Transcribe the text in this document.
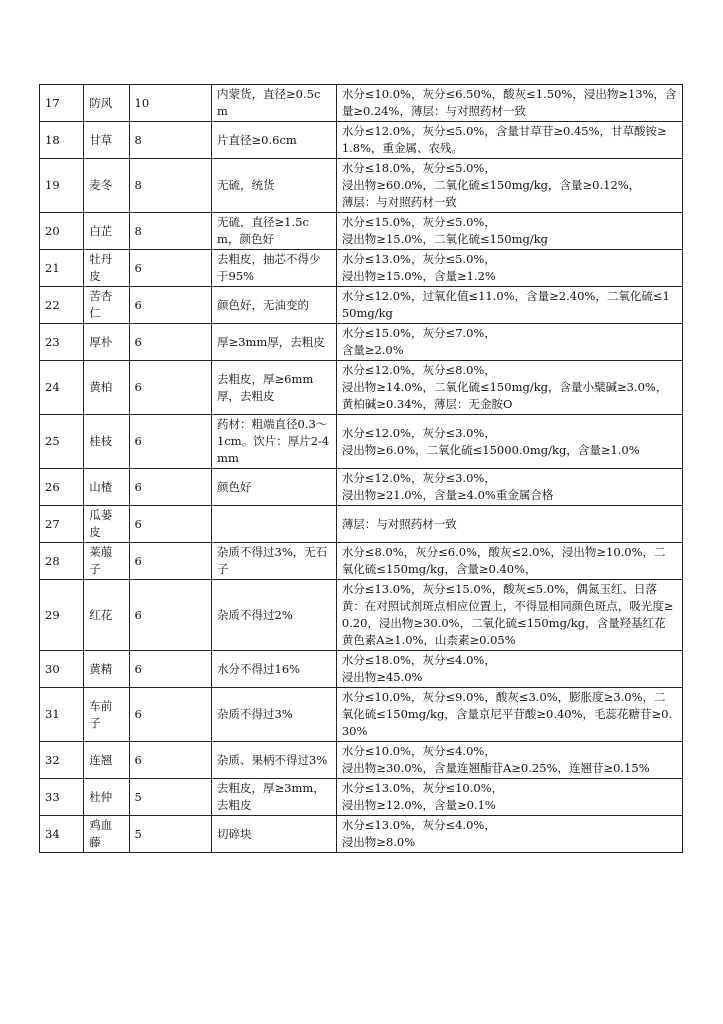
17	防风	10	内蒙货，直径≥0.5cm	水分≤10.0%，灰分≤6.50%，酸灰≤1.50%，浸出物≥13%，含量≥0.24%，薄层：与对照药材一致

18	甘草	8	片直径≥0.6cm	水分≤12.0%，灰分≤5.0%，含量甘草苷≥0.45%，甘草酸铵≥1.8%，重金属、农残。

19	麦冬	8	无硫，统货	水分≤18.0%，灰分≤5.0%，
浸出物≥60.0%，二氧化硫≤150mg/kg，含量≥0.12%，
薄层：与对照药材一致

20	白芷	8	无硫，直径≥1.5cm，颜色好	水分≤15.0%，灰分≤5.0%，
浸出物≥15.0%，二氧化硫≤150mg/kg

21	牡丹皮	6	去粗皮，抽芯不得少于95%	水分≤13.0%，灰分≤5.0%，
浸出物≥15.0%，含量≥1.2%

22	苦杏仁	6	颜色好，无油变的	水分≤12.0%，过氧化值≤11.0%，含量≥2.40%，二氧化硫≤150mg/kg

23	厚朴	6	厚≥3mm厚，去粗皮	水分≤15.0%，灰分≤7.0%，
含量≥2.0%

24	黄柏	6	去粗皮，厚≥6mm厚，去粗皮	水分≤12.0%，灰分≤8.0%，
浸出物≥14.0%，二氧化硫≤150mg/kg，含量小檗碱≥3.0%，黄柏碱≥0.34%，薄层：无金胺O

25	桂枝	6	药材：粗端直径0.3～1cm。饮片：厚片2-4mm	水分≤12.0%，灰分≤3.0%，
浸出物≥6.0%，二氧化硫≤15000.0mg/kg，含量≥1.0%

26	山楂	6	颜色好	水分≤12.0%，灰分≤3.0%，
浸出物≥21.0%，含量≥4.0%重金属合格

27	瓜蒌皮	6		薄层：与对照药材一致

28	莱菔子	6	杂质不得过3%，无石子	水分≤8.0%，灰分≤6.0%，酸灰≤2.0%，浸出物≥10.0%，二氧化硫≤150mg/kg，含量≥0.40%，

29	红花	6	杂质不得过2%	水分≤13.0%，灰分≤15.0%，酸灰≤5.0%，偶氮玉红、日落黄：在对照试剂斑点相应位置上，不得显相同颜色斑点，吸光度≥0.20，浸出物≥30.0%，二氧化硫≤150mg/kg，含量羟基红花黄色素A≥1.0%，山柰素≥0.05%

30	黄精	6	水分不得过16%	水分≤18.0%，灰分≤4.0%，
浸出物≥45.0%

31	车前子	6	杂质不得过3%	水分≤10.0%，灰分≤9.0%，酸灰≤3.0%，膨胀度≥3.0%，二氧化硫≤150mg/kg，含量京尼平苷酸≥0.40%，毛蕊花糖苷≥0.30%

32	连翘	6	杂质、果柄不得过3%	水分≤10.0%，灰分≤4.0%，
浸出物≥30.0%，含量连翘酯苷A≥0.25%，连翘苷≥0.15%

33	杜仲	5	去粗皮，厚≥3mm，去粗皮	水分≤13.0%，灰分≤10.0%，
浸出物≥12.0%，含量≥0.1%

34	鸡血藤	5	切碎块	水分≤13.0%，灰分≤4.0%，
浸出物≥8.0%
